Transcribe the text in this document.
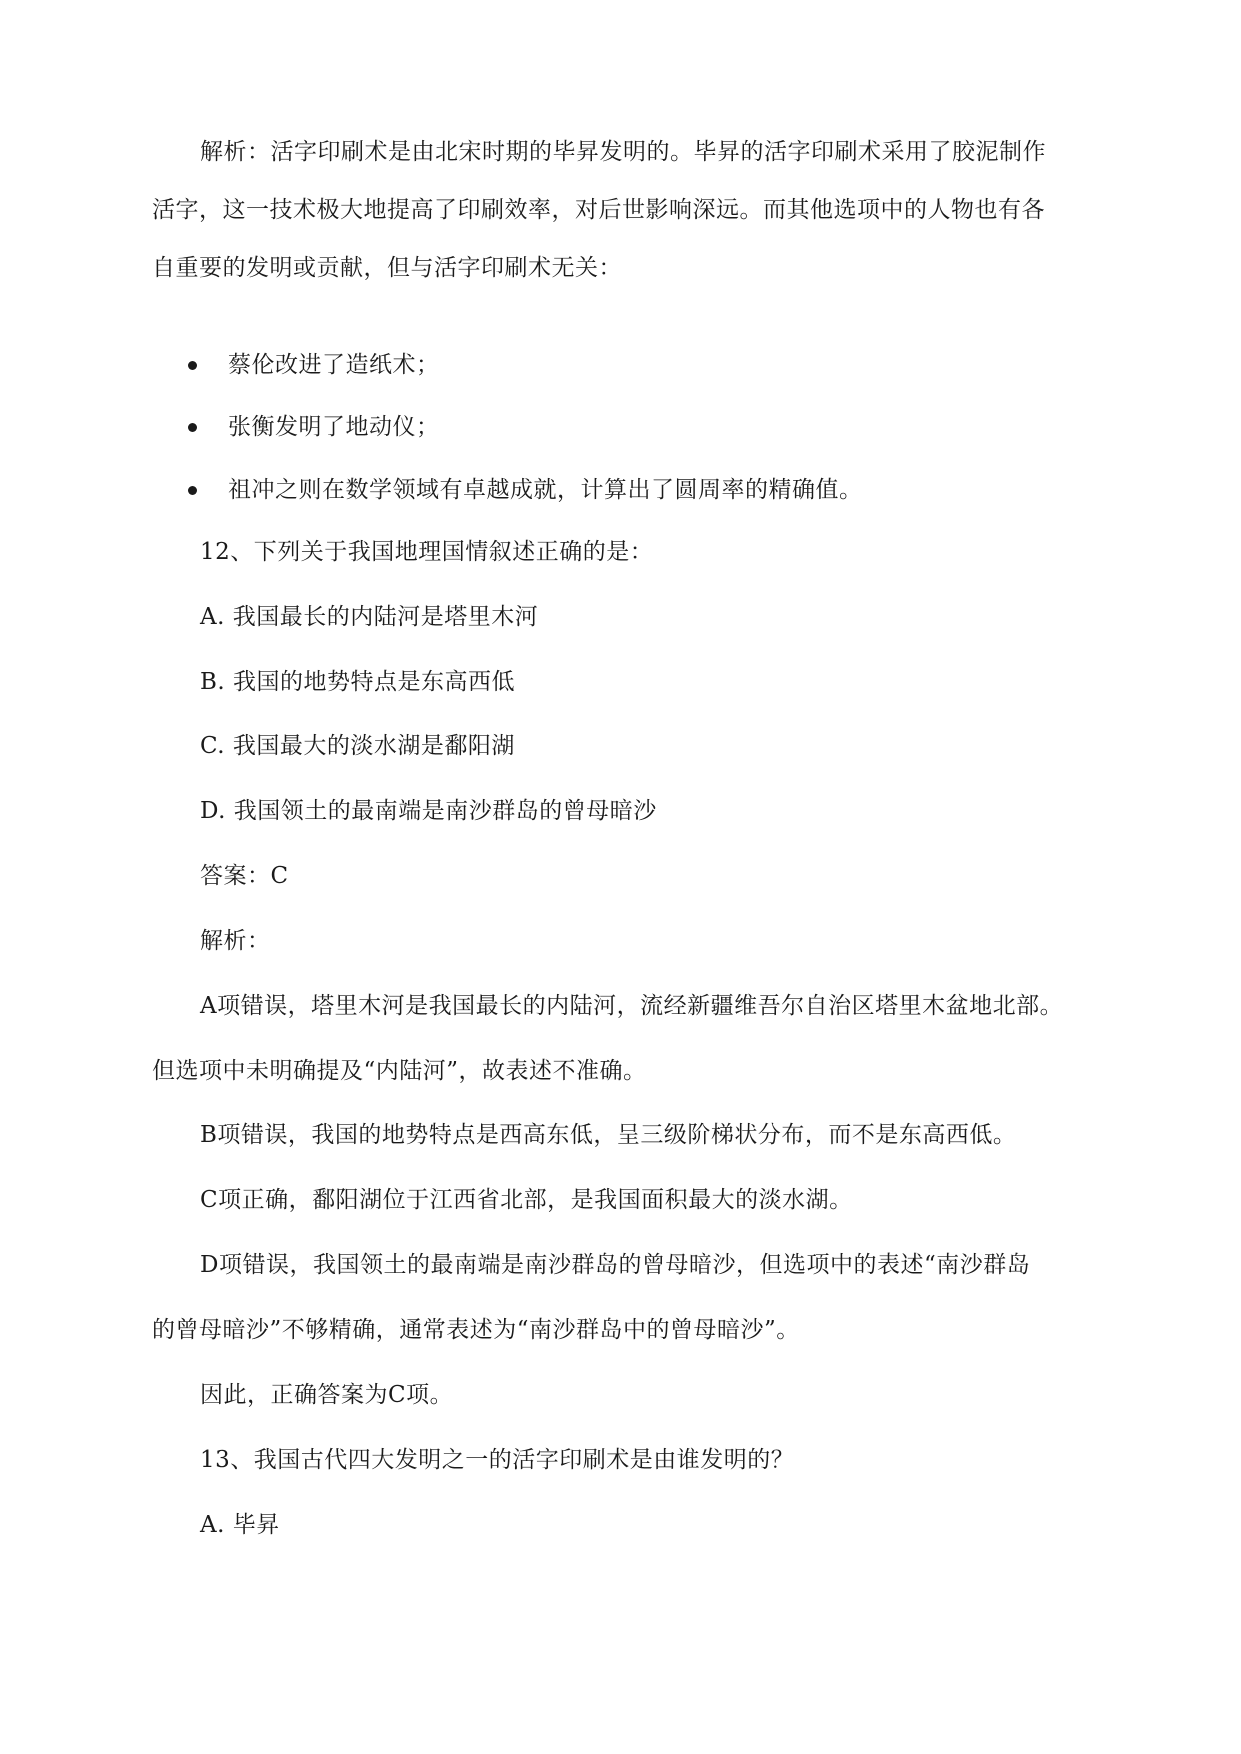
解析：活字印刷术是由北宋时期的毕昇发明的。毕昇的活字印刷术采用了胶泥制作
活字，这一技术极大地提高了印刷效率，对后世影响深远。而其他选项中的人物也有各
自重要的发明或贡献，但与活字印刷术无关：
蔡伦改进了造纸术；
张衡发明了地动仪；
祖冲之则在数学领域有卓越成就，计算出了圆周率的精确值。
12、下列关于我国地理国情叙述正确的是：
A. 我国最长的内陆河是塔里木河
B. 我国的地势特点是东高西低
C. 我国最大的淡水湖是鄱阳湖
D. 我国领土的最南端是南沙群岛的曾母暗沙
答案：C
解析：
A项错误，塔里木河是我国最长的内陆河，流经新疆维吾尔自治区塔里木盆地北部。
但选项中未明确提及“内陆河”，故表述不准确。
B项错误，我国的地势特点是西高东低，呈三级阶梯状分布，而不是东高西低。
C项正确，鄱阳湖位于江西省北部，是我国面积最大的淡水湖。
D项错误，我国领土的最南端是南沙群岛的曾母暗沙，但选项中的表述“南沙群岛
的曾母暗沙”不够精确，通常表述为“南沙群岛中的曾母暗沙”。
因此，正确答案为C项。
13、我国古代四大发明之一的活字印刷术是由谁发明的？
A. 毕昇
